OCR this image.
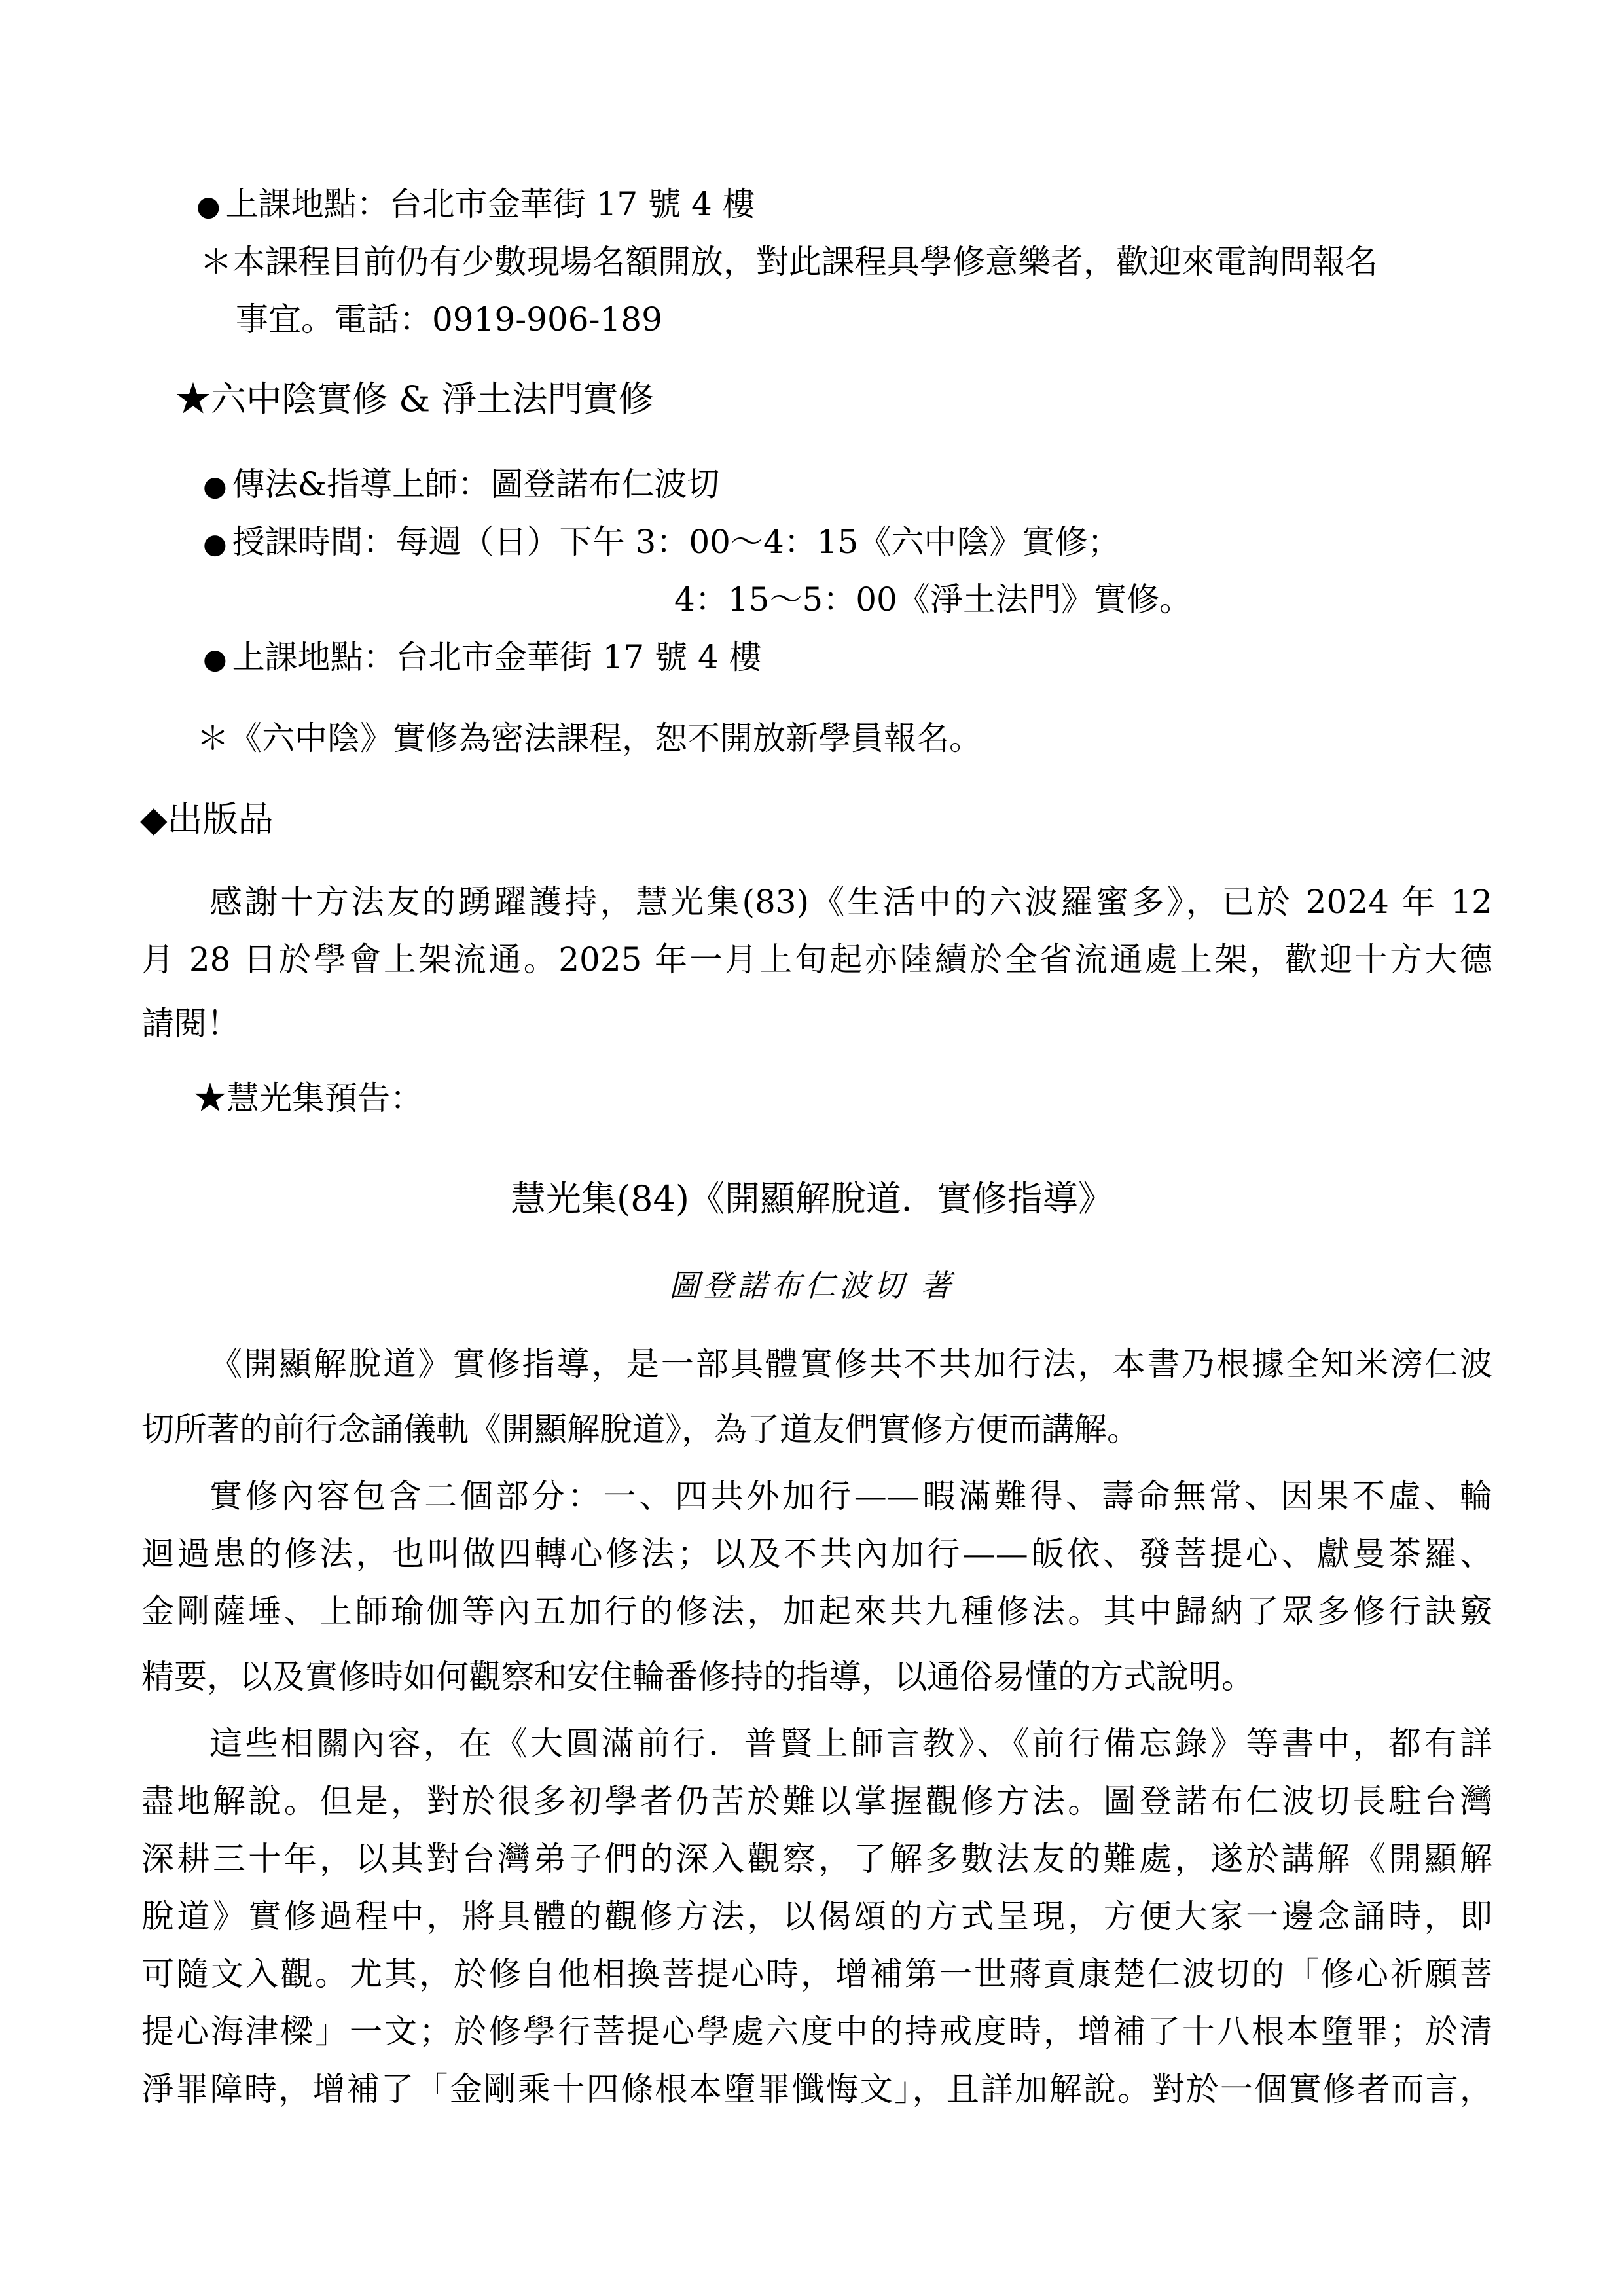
● 上課地點：台北市金華街 17 號 4 樓
＊本課程目前仍有少數現場名額開放，對此課程具學修意樂者，歡迎來電詢問報名
事宜。電話：0919-906-189
★六中陰實修 & 淨土法門實修
● 傳法&指導上師：圖登諾布仁波切
● 授課時間：每週（日）下午 3：00～4：15《六中陰》實修；
4：15～5：00《淨土法門》實修。
● 上課地點：台北市金華街 17 號 4 樓
＊《六中陰》實修為密法課程，恕不開放新學員報名。
◆出版品
感謝十方法友的踴躍護持，慧光集(83)《生活中的六波羅蜜多》，已於 2024 年 12
月 28 日於學會上架流通。2025 年一月上旬起亦陸續於全省流通處上架，歡迎十方大德
請閱！
★慧光集預告：
慧光集(84)《開顯解脫道．實修指導》
圖登諾布仁波切 著
《開顯解脫道》實修指導，是一部具體實修共不共加行法，本書乃根據全知米滂仁波
切所著的前行念誦儀軌《開顯解脫道》，為了道友們實修方便而講解。
實修內容包含二個部分：一、四共外加行——暇滿難得、壽命無常、因果不虛、輪
迴過患的修法，也叫做四轉心修法；以及不共內加行——皈依、發菩提心、獻曼茶羅、
金剛薩埵、上師瑜伽等內五加行的修法，加起來共九種修法。其中歸納了眾多修行訣竅
精要，以及實修時如何觀察和安住輪番修持的指導，以通俗易懂的方式說明。
這些相關內容，在《大圓滿前行．普賢上師言教》、《前行備忘錄》等書中，都有詳
盡地解說。但是，對於很多初學者仍苦於難以掌握觀修方法。圖登諾布仁波切長駐台灣
深耕三十年，以其對台灣弟子們的深入觀察，了解多數法友的難處，遂於講解《開顯解
脫道》實修過程中，將具體的觀修方法，以偈頌的方式呈現，方便大家一邊念誦時，即
可隨文入觀。尤其，於修自他相換菩提心時，增補第一世蔣貢康楚仁波切的「修心祈願菩
提心海津樑」一文；於修學行菩提心學處六度中的持戒度時，增補了十八根本墮罪；於清
淨罪障時，增補了「金剛乘十四條根本墮罪懺悔文」，且詳加解說。對於一個實修者而言，
